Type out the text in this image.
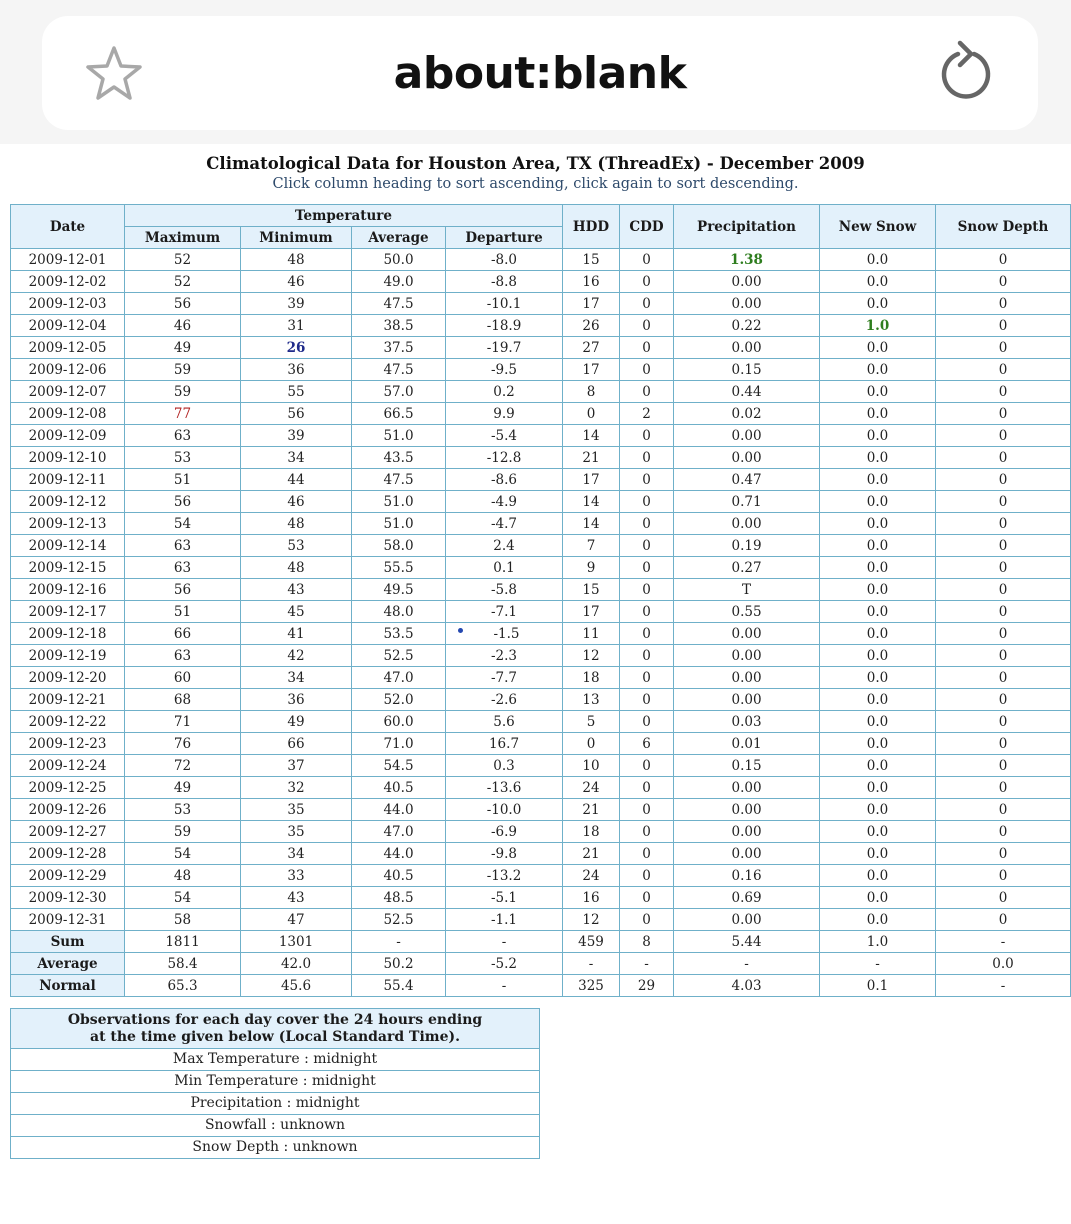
about:blank
Climatological Data for Houston Area, TX (ThreadEx) - December 2009

Click column heading to sort ascending, click again to sort descending.

Date	Temperature				HDD	CDD	Precipitation	New Snow	Snow Depth
	Maximum	Minimum	Average	Departure					
2009-12-01	52	48	50.0	-8.0	15	0	1.38	0.0	0
2009-12-02	52	46	49.0	-8.8	16	0	0.00	0.0	0
2009-12-03	56	39	47.5	-10.1	17	0	0.00	0.0	0
2009-12-04	46	31	38.5	-18.9	26	0	0.22	1.0	0
2009-12-05	49	26	37.5	-19.7	27	0	0.00	0.0	0
2009-12-06	59	36	47.5	-9.5	17	0	0.15	0.0	0
2009-12-07	59	55	57.0	0.2	8	0	0.44	0.0	0
2009-12-08	77	56	66.5	9.9	0	2	0.02	0.0	0
2009-12-09	63	39	51.0	-5.4	14	0	0.00	0.0	0
2009-12-10	53	34	43.5	-12.8	21	0	0.00	0.0	0
2009-12-11	51	44	47.5	-8.6	17	0	0.47	0.0	0
2009-12-12	56	46	51.0	-4.9	14	0	0.71	0.0	0
2009-12-13	54	48	51.0	-4.7	14	0	0.00	0.0	0
2009-12-14	63	53	58.0	2.4	7	0	0.19	0.0	0
2009-12-15	63	48	55.5	0.1	9	0	0.27	0.0	0
2009-12-16	56	43	49.5	-5.8	15	0	T	0.0	0
2009-12-17	51	45	48.0	-7.1	17	0	0.55	0.0	0
2009-12-18	66	41	53.5	-1.5	11	0	0.00	0.0	0
2009-12-19	63	42	52.5	-2.3	12	0	0.00	0.0	0
2009-12-20	60	34	47.0	-7.7	18	0	0.00	0.0	0
2009-12-21	68	36	52.0	-2.6	13	0	0.00	0.0	0
2009-12-22	71	49	60.0	5.6	5	0	0.03	0.0	0
2009-12-23	76	66	71.0	16.7	0	6	0.01	0.0	0
2009-12-24	72	37	54.5	0.3	10	0	0.15	0.0	0
2009-12-25	49	32	40.5	-13.6	24	0	0.00	0.0	0
2009-12-26	53	35	44.0	-10.0	21	0	0.00	0.0	0
2009-12-27	59	35	47.0	-6.9	18	0	0.00	0.0	0
2009-12-28	54	34	44.0	-9.8	21	0	0.00	0.0	0
2009-12-29	48	33	40.5	-13.2	24	0	0.16	0.0	0
2009-12-30	54	43	48.5	-5.1	16	0	0.69	0.0	0
2009-12-31	58	47	52.5	-1.1	12	0	0.00	0.0	0
Sum	1811	1301	-	-	459	8	5.44	1.0	-
Average	58.4	42.0	50.2	-5.2	-	-	-	-	0.0
Normal	65.3	45.6	55.4	-	325	29	4.03	0.1	-
Observations for each day cover the 24 hours ending
at the time given below (Local Standard Time).
Max Temperature : midnight
Min Temperature : midnight
Precipitation : midnight
Snowfall : unknown
Snow Depth : unknown
